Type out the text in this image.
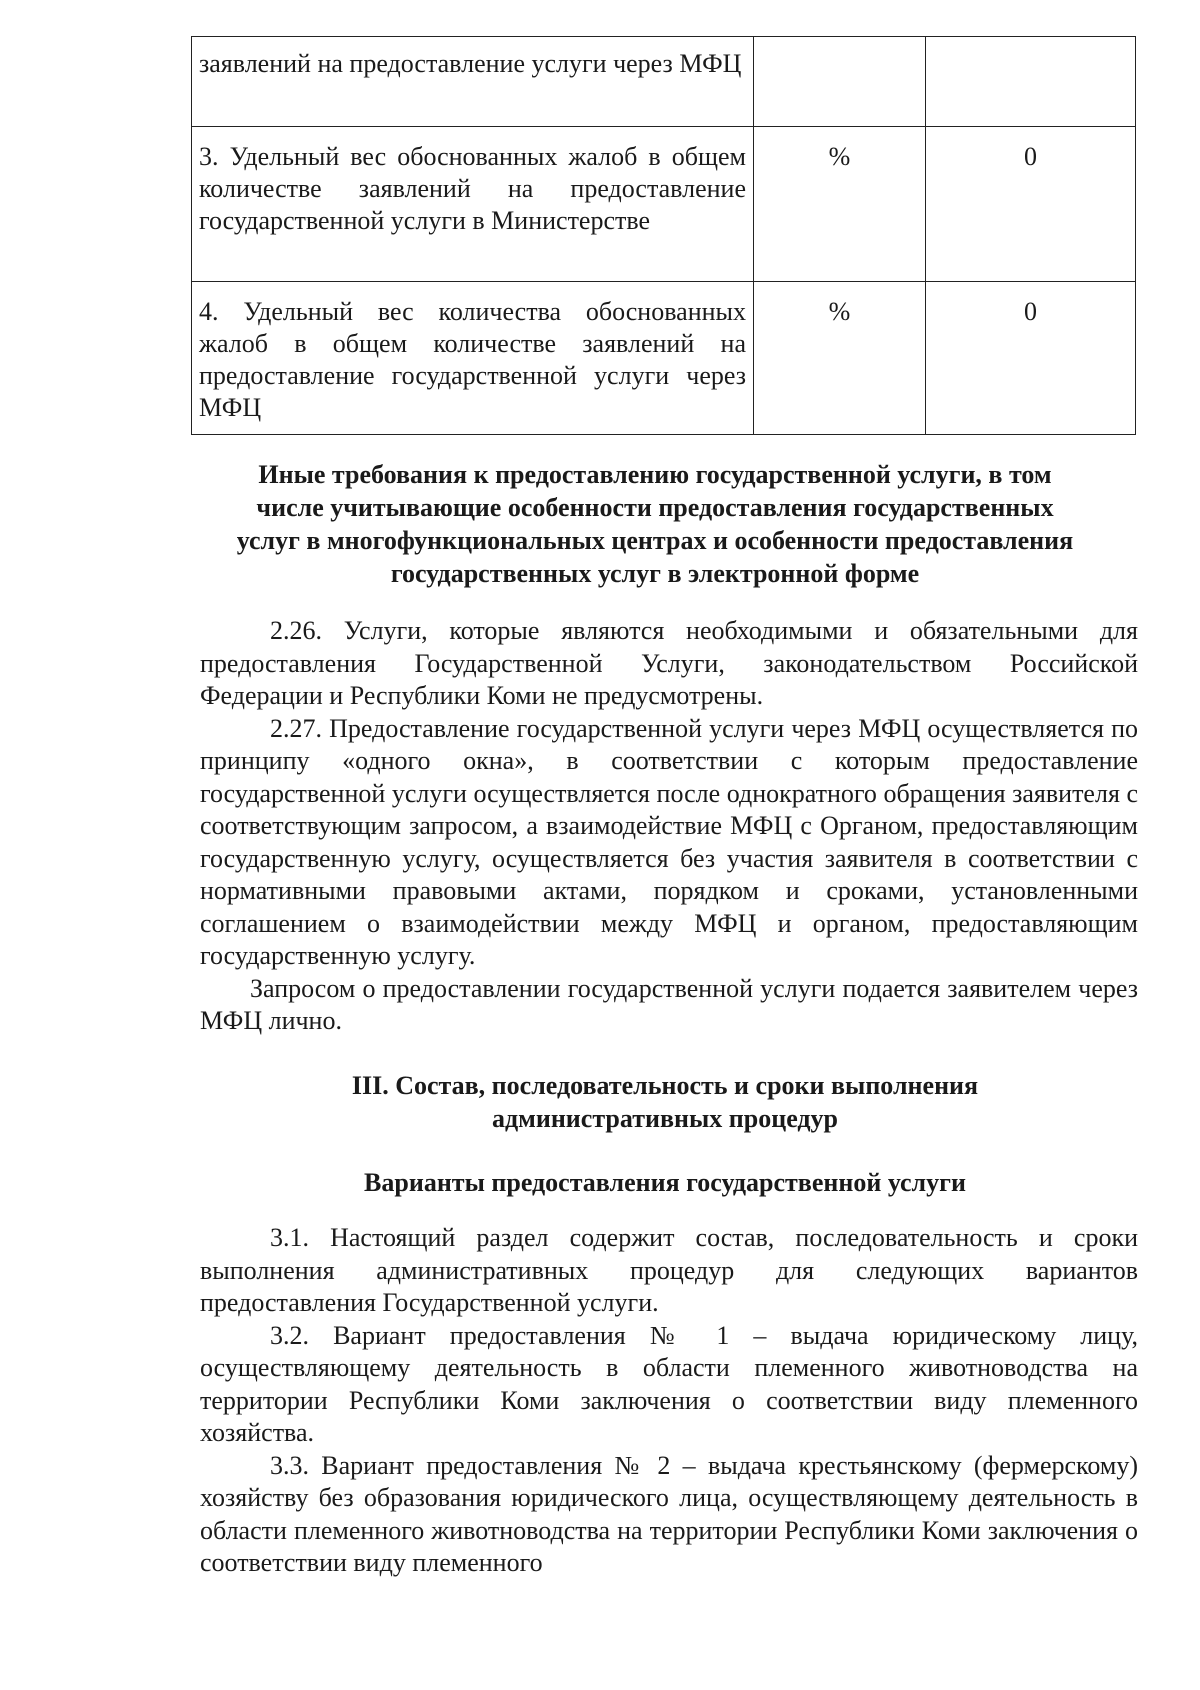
заявлений на предоставление услуги через МФЦ		
3. Удельный вес обоснованных жалоб в общем количестве заявлений на предоставление государственной услуги в Министерстве	%	0
4. Удельный вес количества обоснованных жалоб в общем количестве заявлений на предоставление государственной услуги через МФЦ	%	0
Иные требования к предоставлению государственной услуги, в том
числе учитывающие особенности предоставления государственных
услуг в многофункциональных центрах и особенности предоставления
государственных услуг в электронной форме
2.26. Услуги, которые являются необходимыми и обязательными для предоставления Государственной Услуги, законодательством Российской Федерации и Республики Коми не предусмотрены.
2.27. Предоставление государственной услуги через МФЦ осуществляется по принципу «одного окна», в соответствии с которым предоставление государственной услуги осуществляется после однократного обращения заявителя с соответствующим запросом, а взаимодействие МФЦ с Органом, предоставляющим государственную услугу, осуществляется без участия заявителя в соответствии с нормативными правовыми актами, порядком и сроками, установленными соглашением о взаимодействии между МФЦ и органом, предоставляющим государственную услугу.
Запросом о предоставлении государственной услуги подается заявителем через МФЦ лично.
III. Состав, последовательность и сроки выполнения
административных процедур
Варианты предоставления государственной услуги
3.1. Настоящий раздел содержит состав, последовательность и сроки выполнения административных процедур для следующих вариантов предоставления Государственной услуги.
3.2. Вариант предоставления № 1 – выдача юридическому лицу, осуществляющему деятельность в области племенного животноводства на территории Республики Коми заключения о соответствии виду племенного хозяйства.
3.3. Вариант предоставления № 2 – выдача крестьянскому (фермерскому) хозяйству без образования юридического лица, осуществляющему деятельность в области племенного животноводства на территории Республики Коми заключения о соответствии виду племенного
